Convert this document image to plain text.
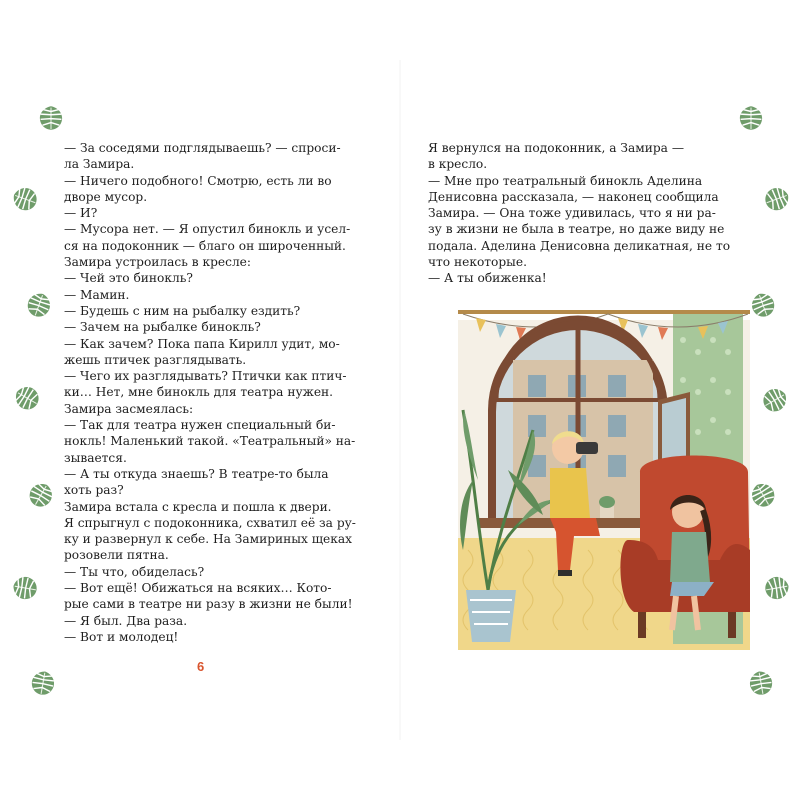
— За соседями подглядываешь? — спроси-

ла Замира.

— Ничего подобного! Смотрю, есть ли во

дворе мусор.

— И?

— Мусора нет. — Я опустил бинокль и усел-

ся на подоконник — благо он широченный.

Замира устроилась в кресле:

— Чей это бинокль?

— Мамин.

— Будешь с ним на рыбалку ездить?

— Зачем на рыбалке бинокль?

— Как зачем? Пока папа Кирилл удит, мо-

жешь птичек разглядывать.

— Чего их разглядывать? Птички как птич-

ки… Нет, мне бинокль для театра нужен.

Замира засмеялась:

— Так для театра нужен специальный би-

нокль! Маленький такой. «Театральный» на-

зывается.

— А ты откуда знаешь? В театре-то была

хоть раз?

Замира встала с кресла и пошла к двери.

Я спрыгнул с подоконника, схватил её за ру-

ку и развернул к себе. На Замириных щеках

розовели пятна.

— Ты что, обиделась?

— Вот ещё! Обижаться на всяких… Кото-

рые сами в театре ни разу в жизни не были!

— Я был. Два раза.

— Вот и молодец!

6

Я вернулся на подоконник, а Замира —

в кресло.

— Мне про театральный бинокль Аделина

Денисовна рассказала, — наконец сообщила

Замира. — Она тоже удивилась, что я ни ра-

зу в жизни не была в театре, но даже виду не

подала. Аделина Денисовна деликатная, не то

что некоторые.

— А ты обиженка!
